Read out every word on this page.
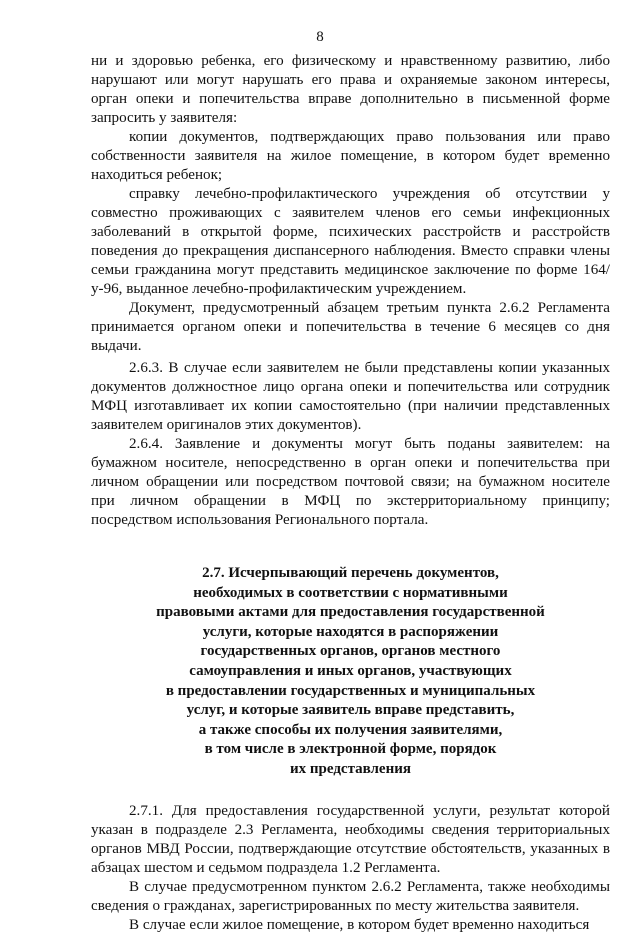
8

ни и здоровью ребенка, его физическому и нравственному развитию, либо нарушают или могут нарушать его права и охраняемые законом интересы, орган опеки и попечительства вправе дополнительно в письменной форме запросить у заявителя:

копии документов, подтверждающих право пользования или право собственности заявителя на жилое помещение, в котором будет временно находиться ребенок;

справку лечебно-профилактического учреждения об отсутствии у совместно проживающих с заявителем членов его семьи инфекционных заболеваний в открытой форме, психических расстройств и расстройств поведения до прекращения диспансерного наблюдения. Вместо справки члены семьи гражданина могут представить медицинское заключение по форме 164/у-96, выданное лечебно-профилактическим учреждением.

Документ, предусмотренный абзацем третьим пункта 2.6.2 Регламента принимается органом опеки и попечительства в течение 6 месяцев со дня выдачи.

2.6.3. В случае если заявителем не были представлены копии указанных документов должностное лицо органа опеки и попечительства или сотрудник МФЦ изготавливает их копии самостоятельно (при наличии представленных заявителем оригиналов этих документов).

2.6.4. Заявление и документы могут быть поданы заявителем: на бумажном носителе, непосредственно в орган опеки и попечительства при личном обращении или посредством почтовой связи; на бумажном носителе при личном обращении в МФЦ по экстерриториальному принципу; посредством использования Регионального портала.

2.7. Исчерпывающий перечень документов,
необходимых в соответствии с нормативными
правовыми актами для предоставления государственной
услуги, которые находятся в распоряжении
государственных органов, органов местного
самоуправления и иных органов, участвующих
в предоставлении государственных и муниципальных
услуг, и которые заявитель вправе представить,
а также способы их получения заявителями,
в том числе в электронной форме, порядок
их представления

2.7.1. Для предоставления государственной услуги, результат которой указан в подразделе 2.3 Регламента, необходимы сведения территориальных органов МВД России, подтверждающие отсутствие обстоятельств, указанных в абзацах шестом и седьмом подраздела 1.2 Регламента.

В случае предусмотренном пунктом 2.6.2 Регламента, также необходимы сведения о гражданах, зарегистрированных по месту жительства заявителя.

В случае если жилое помещение, в котором будет временно находиться
